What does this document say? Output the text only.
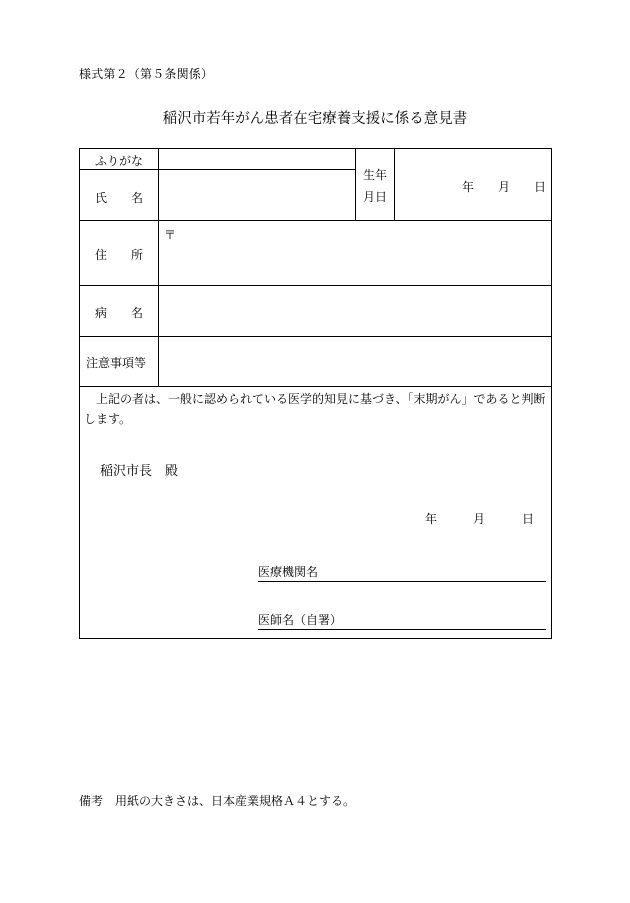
様式第２（第５条関係）
稲沢市若年がん患者在宅療養支援に係る意見書
ふりがな
氏 名
生年
月日
年 月 日
住 所
〒
病 名
注意事項等
上記の者は、一般に認められている医学的知見に基づき、「末期がん」であると判断します。
稲沢市長　殿
年	月	日
医療機関名
医師名（自署）
備考　用紙の大きさは、日本産業規格Ａ４とする。
